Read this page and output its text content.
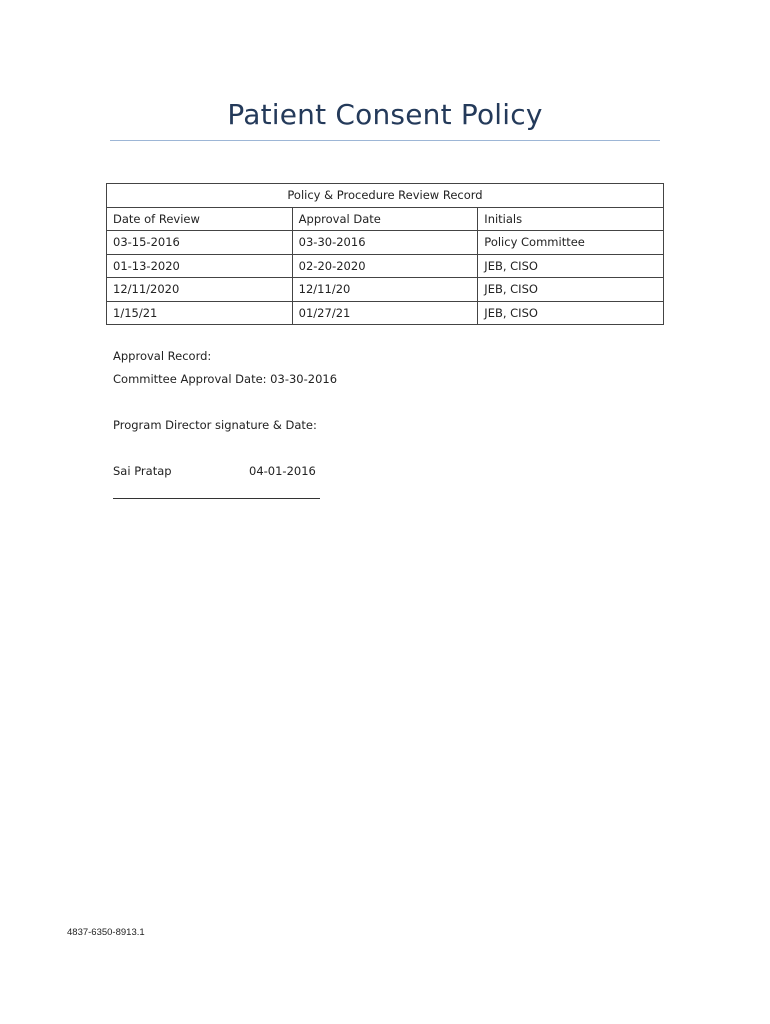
Patient Consent Policy
Policy & Procedure Review Record		
Date of Review	Approval Date	Initials
03-15-2016	03-30-2016	Policy Committee
01-13-2020	02-20-2020	JEB, CISO
12/11/2020	12/11/20	JEB, CISO
1/15/21	01/27/21	JEB, CISO
Approval Record:
Committee Approval Date: 03-30-2016
Program Director signature & Date:
Sai Pratap	04-01-2016
4837-6350-8913.1
